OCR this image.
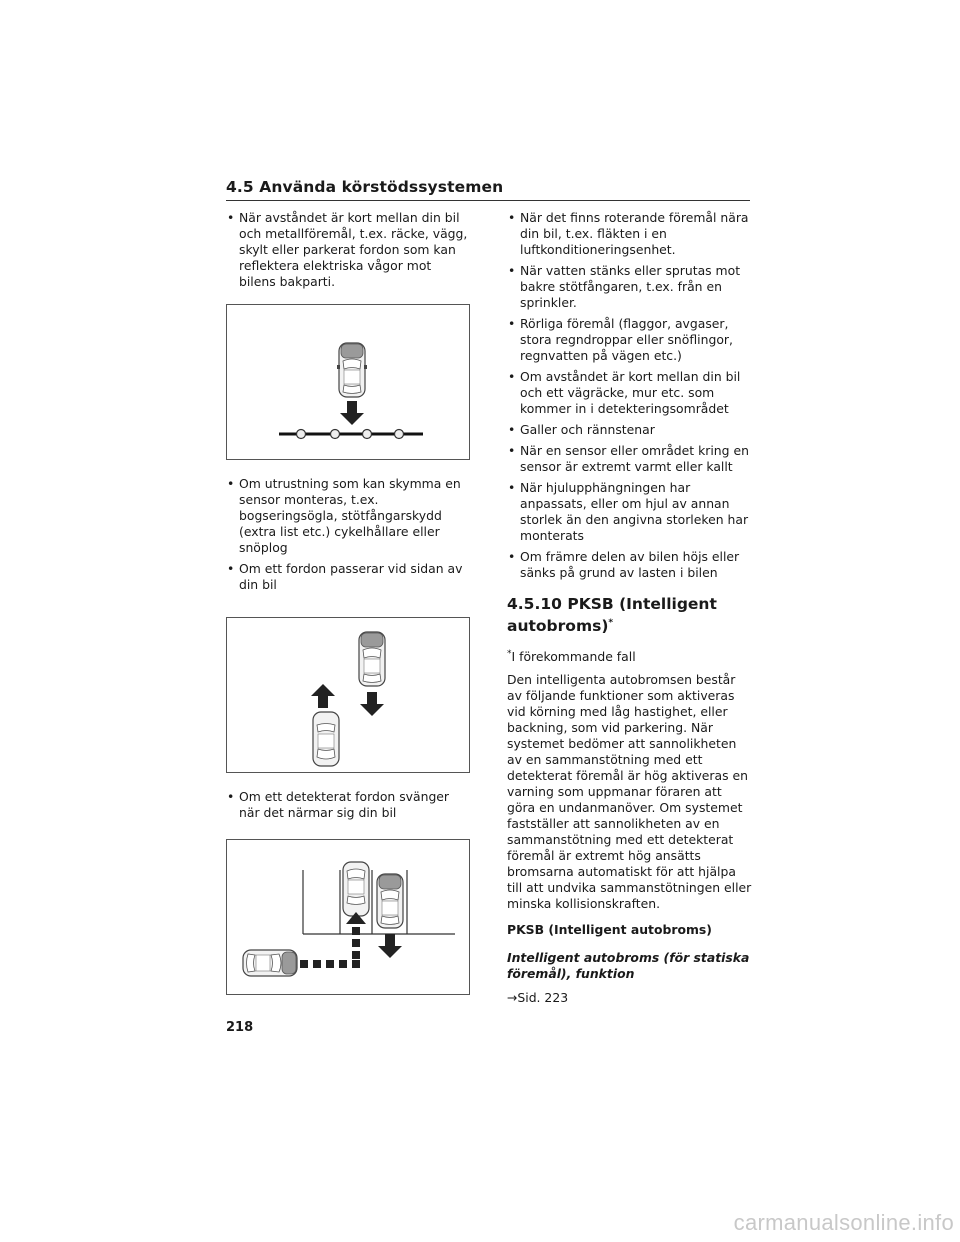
4.5 Använda körstödssystemen
• När avståndet är kort mellan din bil och metallföremål, t.ex. räcke, vägg, skylt eller parkerat fordon som kan reflektera elektriska vågor mot bilens bakparti.
• Om utrustning som kan skymma en sensor monteras, t.ex. bogseringsögla, stötfångarskydd (extra list etc.) cykelhållare eller snöplog
• Om ett fordon passerar vid sidan av din bil
• Om ett detekterat fordon svänger när det närmar sig din bil
• När det finns roterande föremål nära din bil, t.ex. fläkten i en luftkonditioneringsenhet.
• När vatten stänks eller sprutas mot bakre stötfångaren, t.ex. från en sprinkler.
• Rörliga föremål (flaggor, avgaser, stora regndroppar eller snöflingor, regnvatten på vägen etc.)
• Om avståndet är kort mellan din bil och ett vägräcke, mur etc. som kommer in i detekteringsområdet
• Galler och rännstenar
• När en sensor eller området kring en sensor är extremt varmt eller kallt
• När hjulupphängningen har anpassats, eller om hjul av annan storlek än den angivna storleken har monterats
• Om främre delen av bilen höjs eller sänks på grund av lasten i bilen
4.5.10 PKSB (Intelligent autobroms)*

*I förekommande fall

Den intelligenta autobromsen består av följande funktioner som aktiveras vid körning med låg hastighet, eller backning, som vid parkering. När systemet bedömer att sannolikheten av en sammanstötning med ett detekterat föremål är hög aktiveras en varning som uppmanar föraren att göra en undanmanöver. Om systemet fastställer att sannolikheten av en sammanstötning med ett detekterat föremål är extremt hög ansätts bromsarna automatiskt för att hjälpa till att undvika sammanstötningen eller minska kollisionskraften.

PKSB (Intelligent autobroms)
Intelligent autobroms (för statiska föremål), funktion
→Sid. 223
218
carmanualsonline.info
